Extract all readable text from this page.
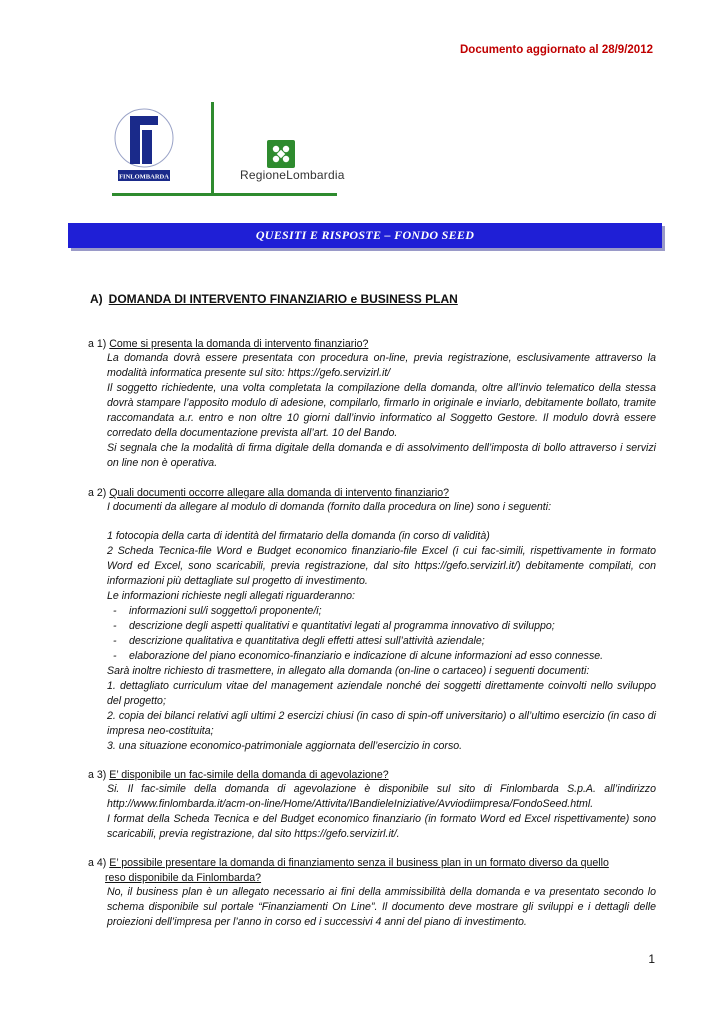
Documento aggiornato al 28/9/2012
FINLOMBARDA	RegioneLombardia
QUESITI E RISPOSTE – FONDO SEED
A) DOMANDA DI INTERVENTO FINANZIARIO e BUSINESS PLAN
a 1) Come si presenta la domanda di intervento finanziario?

La domanda dovrà essere presentata con procedura on-line, previa registrazione, esclusivamente attraverso la modalità informatica presente sul sito: https://gefo.servizirl.it/

Il soggetto richiedente, una volta completata la compilazione della domanda, oltre all’invio telematico della stessa dovrà stampare l’apposito modulo di adesione, compilarlo, firmarlo in originale e inviarlo, debitamente bollato, tramite raccomandata a.r. entro e non oltre 10 giorni dall’invio informatico al Soggetto Gestore. Il modulo dovrà essere corredato della documentazione prevista all’art. 10 del Bando.

Si segnala che la modalità di firma digitale della domanda e di assolvimento dell’imposta di bollo attraverso i servizi on line non è operativa.

a 2) Quali documenti occorre allegare alla domanda di intervento finanziario?

I documenti da allegare al modulo di domanda (fornito dalla procedura on line) sono i seguenti:

1 fotocopia della carta di identità del firmatario della domanda (in corso di validità)

2 Scheda Tecnica-file Word e Budget economico finanziario-file Excel (i cui fac-simili, rispettivamente in formato Word ed Excel, sono scaricabili, previa registrazione, dal sito https://gefo.servizirl.it/) debitamente compilati, con informazioni più dettagliate sul progetto di investimento.

Le informazioni richieste negli allegati riguarderanno:

- informazioni sul/i soggetto/i proponente/i;
- descrizione degli aspetti qualitativi e quantitativi legati al programma innovativo di sviluppo;
- descrizione qualitativa e quantitativa degli effetti attesi sull’attività aziendale;
- elaborazione del piano economico-finanziario e indicazione di alcune informazioni ad esso connesse.

Sarà inoltre richiesto di trasmettere, in allegato alla domanda (on-line o cartaceo) i seguenti documenti:

1. dettagliato curriculum vitae del management aziendale nonché dei soggetti direttamente coinvolti nello sviluppo del progetto;

2. copia dei bilanci relativi agli ultimi 2 esercizi chiusi (in caso di spin-off universitario) o all’ultimo esercizio (in caso di impresa neo-costituita;

3. una situazione economico-patrimoniale aggiornata dell’esercizio in corso.

a 3) E’ disponibile un fac-simile della domanda di agevolazione?

Si. Il fac-simile della domanda di agevolazione è disponibile sul sito di Finlombarda S.p.A. all’indirizzo http://www.finlombarda.it/acm-on-line/Home/Attivita/IBandieleIniziative/Avviodiimpresa/FondoSeed.html.

I format della Scheda Tecnica e del Budget economico finanziario (in formato Word ed Excel rispettivamente) sono scaricabili, previa registrazione, dal sito https://gefo.servizirl.it/.

a 4) E’ possibile presentare la domanda di finanziamento senza il business plan in un formato diverso da quello
reso disponibile da Finlombarda?

No, il business plan è un allegato necessario ai fini della ammissibilità della domanda e va presentato secondo lo schema disponibile sul portale “Finanziamenti On Line”. Il documento deve mostrare gli sviluppi e i dettagli delle proiezioni dell’impresa per l’anno in corso ed i successivi 4 anni del piano di investimento.

1
